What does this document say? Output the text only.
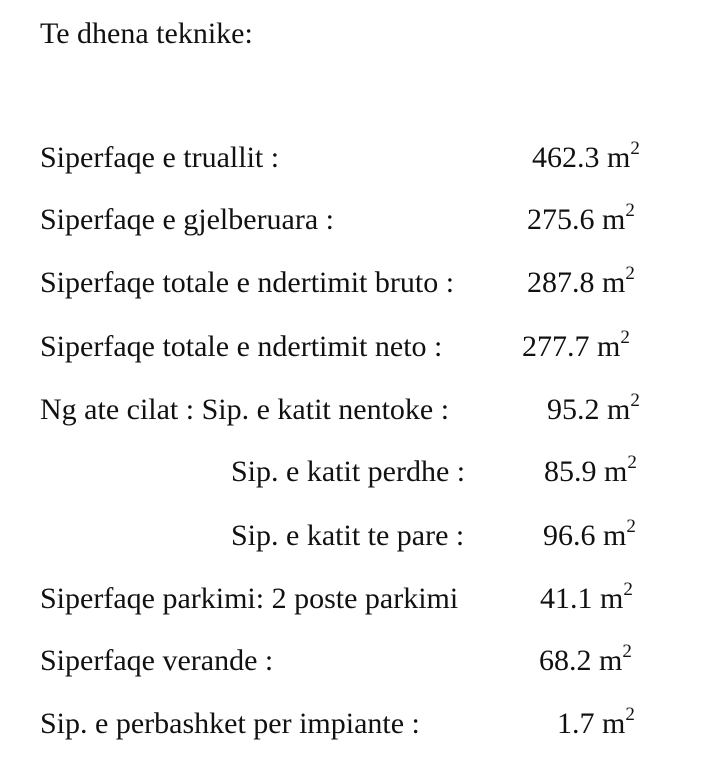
Te dhena teknike:
Siperfaqe e truallit :	462.3 $m^2$
Siperfaqe e gjelberuara :	275.6 $m^2$
Siperfaqe totale e ndertimit bruto : 287.8 $m^2$
Siperfaqe totale e ndertimit neto :	277.7 $m^2$
Ng ate cilat : Sip. e katit nentoke :	95.2 $m^2$
Sip. e katit perdhe :	85.9 $m^2$
Sip. e katit te pare :	96.6 $m^2$
Siperfaqe parkimi: 2 poste parkimi	41.1 $m^2$
Siperfaqe verande :	68.2 $m^2$
Sip. e perbashket per impiante :	1.7 $m^2$
